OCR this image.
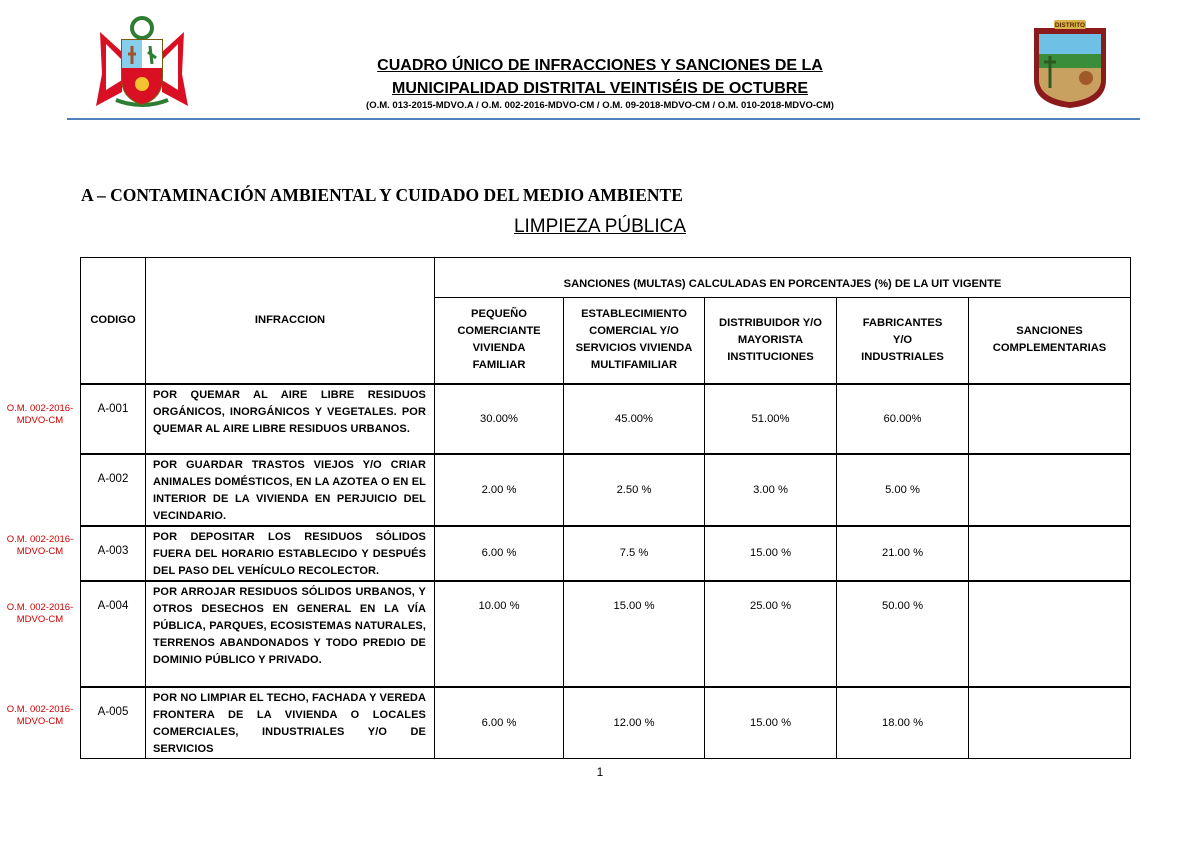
DISTRITO
CUADRO ÚNICO DE INFRACCIONES Y SANCIONES DE LA
MUNICIPALIDAD DISTRITAL VEINTISÉIS DE OCTUBRE
(O.M. 013-2015-MDVO.A / O.M. 002-2016-MDVO-CM / O.M. 09-2018-MDVO-CM / O.M. 010-2018-MDVO-CM)
A – CONTAMINACIÓN AMBIENTAL Y CUIDADO DEL MEDIO AMBIENTE
LIMPIEZA PÚBLICA
O.M. 002-2016-MDVO-CM
O.M. 002-2016-MDVO-CM
O.M. 002-2016-MDVO-CM
O.M. 002-2016-MDVO-CM
CODIGO	INFRACCION	SANCIONES (MULTAS) CALCULADAS EN PORCENTAJES (%) DE LA UIT VIGENTE				
		PEQUEÑO COMERCIANTE VIVIENDA FAMILIAR	ESTABLECIMIENTO COMERCIAL Y/O SERVICIOS VIVIENDA MULTIFAMILIAR	DISTRIBUIDOR Y/O MAYORISTA INSTITUCIONES	FABRICANTES Y/O INDUSTRIALES	SANCIONES COMPLEMENTARIAS
A-001	POR QUEMAR AL AIRE LIBRE RESIDUOS ORGÁNICOS, INORGÁNICOS Y VEGETALES. POR QUEMAR AL AIRE LIBRE RESIDUOS URBANOS.	30.00%	45.00%	51.00%	60.00%	
A-002	POR GUARDAR TRASTOS VIEJOS Y/O CRIAR ANIMALES DOMÉSTICOS, EN LA AZOTEA O EN EL INTERIOR DE LA VIVIENDA EN PERJUICIO DEL VECINDARIO.	2.00 %	2.50 %	3.00 %	5.00 %	
A-003	POR DEPOSITAR LOS RESIDUOS SÓLIDOS FUERA DEL HORARIO ESTABLECIDO Y DESPUÉS DEL PASO DEL VEHÍCULO RECOLECTOR.	6.00 %	7.5 %	15.00 %	21.00 %	
A-004	POR ARROJAR RESIDUOS SÓLIDOS URBANOS, Y OTROS DESECHOS EN GENERAL EN LA VÍA PÚBLICA, PARQUES, ECOSISTEMAS NATURALES, TERRENOS ABANDONADOS Y TODO PREDIO DE DOMINIO PÚBLICO Y PRIVADO.	10.00 %	15.00 %	25.00 %	50.00 %	
A-005	POR NO LIMPIAR EL TECHO, FACHADA Y VEREDA FRONTERA DE LA VIVIENDA O LOCALES COMERCIALES, INDUSTRIALES Y/O DE SERVICIOS	6.00 %	12.00 %	15.00 %	18.00 %	
1
